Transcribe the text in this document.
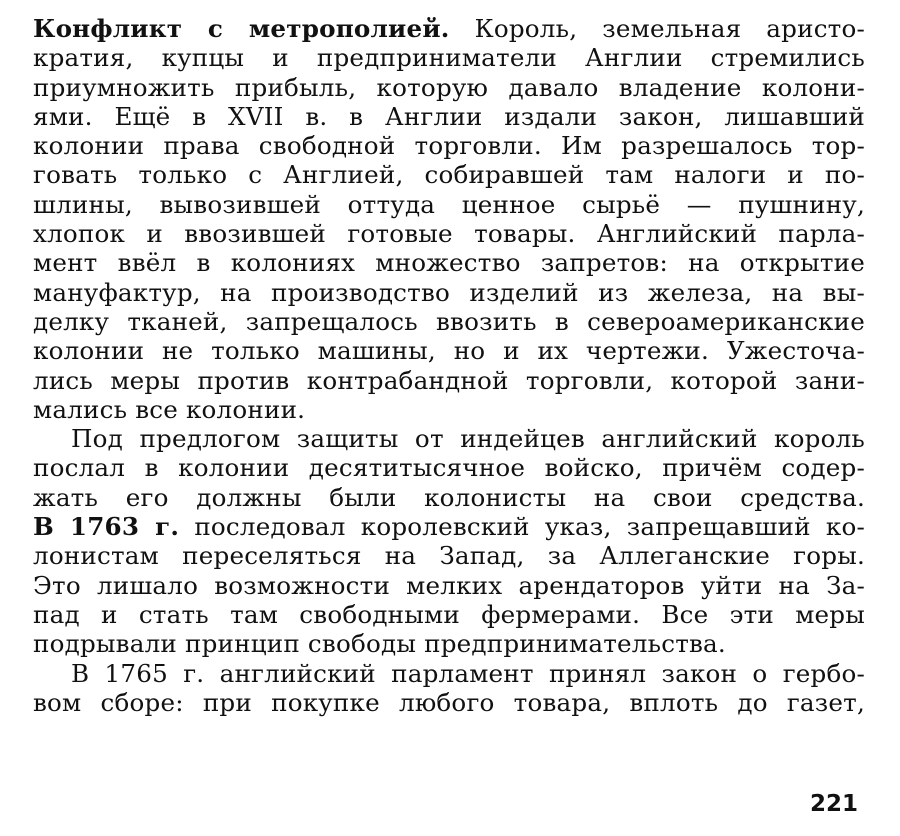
Конфликт с метрополией. Король, земельная аристо-
кратия, купцы и предприниматели Англии стремились
приумножить прибыль, которую давало владение колони-
ями. Ещё в XVII в. в Англии издали закон, лишавший
колонии права свободной торговли. Им разрешалось тор-
говать только с Англией, собиравшей там налоги и по-
шлины, вывозившей оттуда ценное сырьё — пушнину,
хлопок и ввозившей готовые товары. Английский парла-
мент ввёл в колониях множество запретов: на открытие
мануфактур, на производство изделий из железа, на вы-
делку тканей, запрещалось ввозить в североамериканские
колонии не только машины, но и их чертежи. Ужесточа-
лись меры против контрабандной торговли, которой зани-
мались все колонии.
Под предлогом защиты от индейцев английский король
послал в колонии десятитысячное войско, причём содер-
жать его должны были колонисты на свои средства.
В 1763 г. последовал королевский указ, запрещавший ко-
лонистам переселяться на Запад, за Аллеганские горы.
Это лишало возможности мелких арендаторов уйти на За-
пад и стать там свободными фермерами. Все эти меры
подрывали принцип свободы предпринимательства.
В 1765 г. английский парламент принял закон о гербо-
вом сборе: при покупке любого товара, вплоть до газет,
221
